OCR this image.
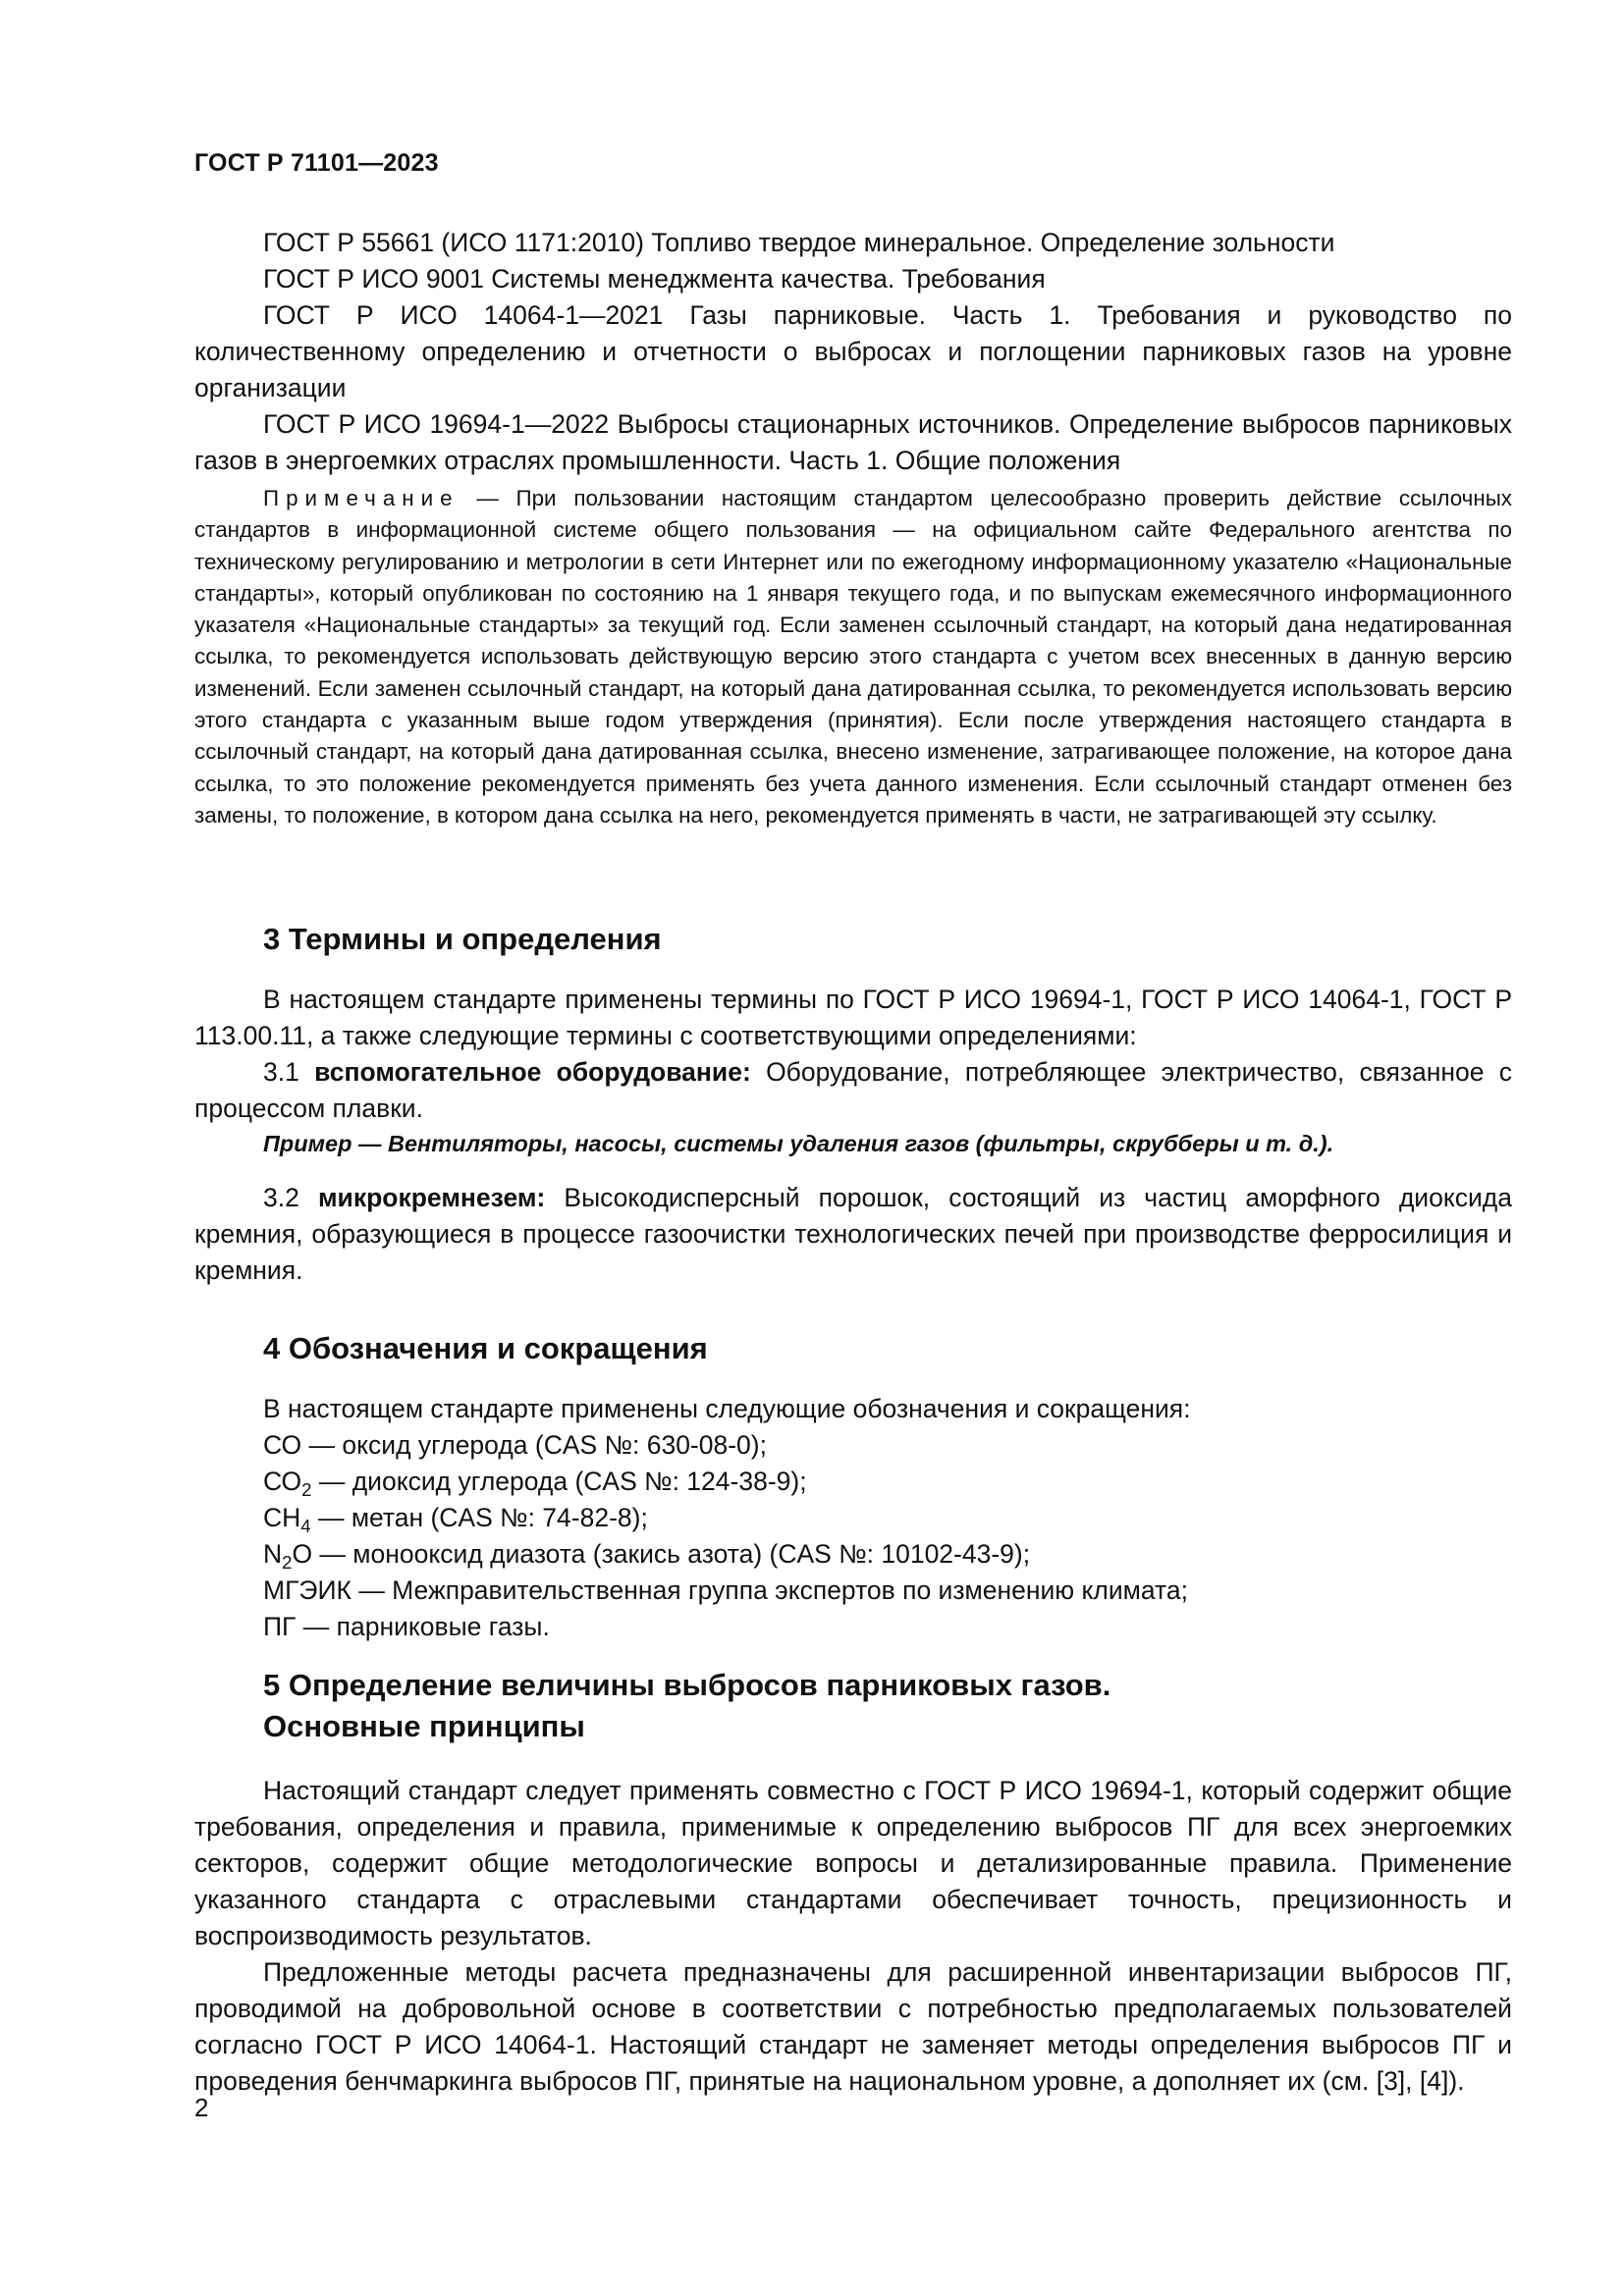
ГОСТ Р 71101—2023

ГОСТ Р 55661 (ИСО 1171:2010) Топливо твердое минеральное. Определение зольности

ГОСТ Р ИСО 9001 Системы менеджмента качества. Требования

ГОСТ Р ИСО 14064-1—2021 Газы парниковые. Часть 1. Требования и руководство по количественному определению и отчетности о выбросах и поглощении парниковых газов на уровне организации

ГОСТ Р ИСО 19694-1—2022 Выбросы стационарных источников. Определение выбросов парниковых газов в энергоемких отраслях промышленности. Часть 1. Общие положения

Примечание — При пользовании настоящим стандартом целесообразно проверить действие ссылочных стандартов в информационной системе общего пользования — на официальном сайте Федерального агентства по техническому регулированию и метрологии в сети Интернет или по ежегодному информационному указателю «Национальные стандарты», который опубликован по состоянию на 1 января текущего года, и по выпускам ежемесячного информационного указателя «Национальные стандарты» за текущий год. Если заменен ссылочный стандарт, на который дана недатированная ссылка, то рекомендуется использовать действующую версию этого стандарта с учетом всех внесенных в данную версию изменений. Если заменен ссылочный стандарт, на который дана датированная ссылка, то рекомендуется использовать версию этого стандарта с указанным выше годом утверждения (принятия). Если после утверждения настоящего стандарта в ссылочный стандарт, на который дана датированная ссылка, внесено изменение, затрагивающее положение, на которое дана ссылка, то это положение рекомендуется применять без учета данного изменения. Если ссылочный стандарт отменен без замены, то положение, в котором дана ссылка на него, рекомендуется применять в части, не затрагивающей эту ссылку.

3 Термины и определения

В настоящем стандарте применены термины по ГОСТ Р ИСО 19694-1, ГОСТ Р ИСО 14064-1, ГОСТ Р 113.00.11, а также следующие термины с соответствующими определениями:

3.1 вспомогательное оборудование: Оборудование, потребляющее электричество, связанное с процессом плавки.

Пример — Вентиляторы, насосы, системы удаления газов (фильтры, скрубберы и т. д.).

3.2 микрокремнезем: Высокодисперсный порошок, состоящий из частиц аморфного диоксида кремния, образующиеся в процессе газоочистки технологических печей при производстве ферросилиция и кремния.

4 Обозначения и сокращения

В настоящем стандарте применены следующие обозначения и сокращения:

СО — оксид углерода (CAS №: 630-08-0);

$СО_2$ — диоксид углерода (CAS №: 124-38-9);

$СН_4$ — метан (CAS №: 74-82-8);

$N_2O$ — монооксид диазота (закись азота) (CAS №: 10102-43-9);

МГЭИК — Межправительственная группа экспертов по изменению климата;

ПГ — парниковые газы.

5 Определение величины выбросов парниковых газов.
Основные принципы

Настоящий стандарт следует применять совместно с ГОСТ Р ИСО 19694-1, который содержит общие требования, определения и правила, применимые к определению выбросов ПГ для всех энергоемких секторов, содержит общие методологические вопросы и детализированные правила. Применение указанного стандарта с отраслевыми стандартами обеспечивает точность, прецизионность и воспроизводимость результатов.

Предложенные методы расчета предназначены для расширенной инвентаризации выбросов ПГ, проводимой на добровольной основе в соответствии с потребностью предполагаемых пользователей согласно ГОСТ Р ИСО 14064-1. Настоящий стандарт не заменяет методы определения выбросов ПГ и проведения бенчмаркинга выбросов ПГ, принятые на национальном уровне, а дополняет их (см. [3], [4]).

2
